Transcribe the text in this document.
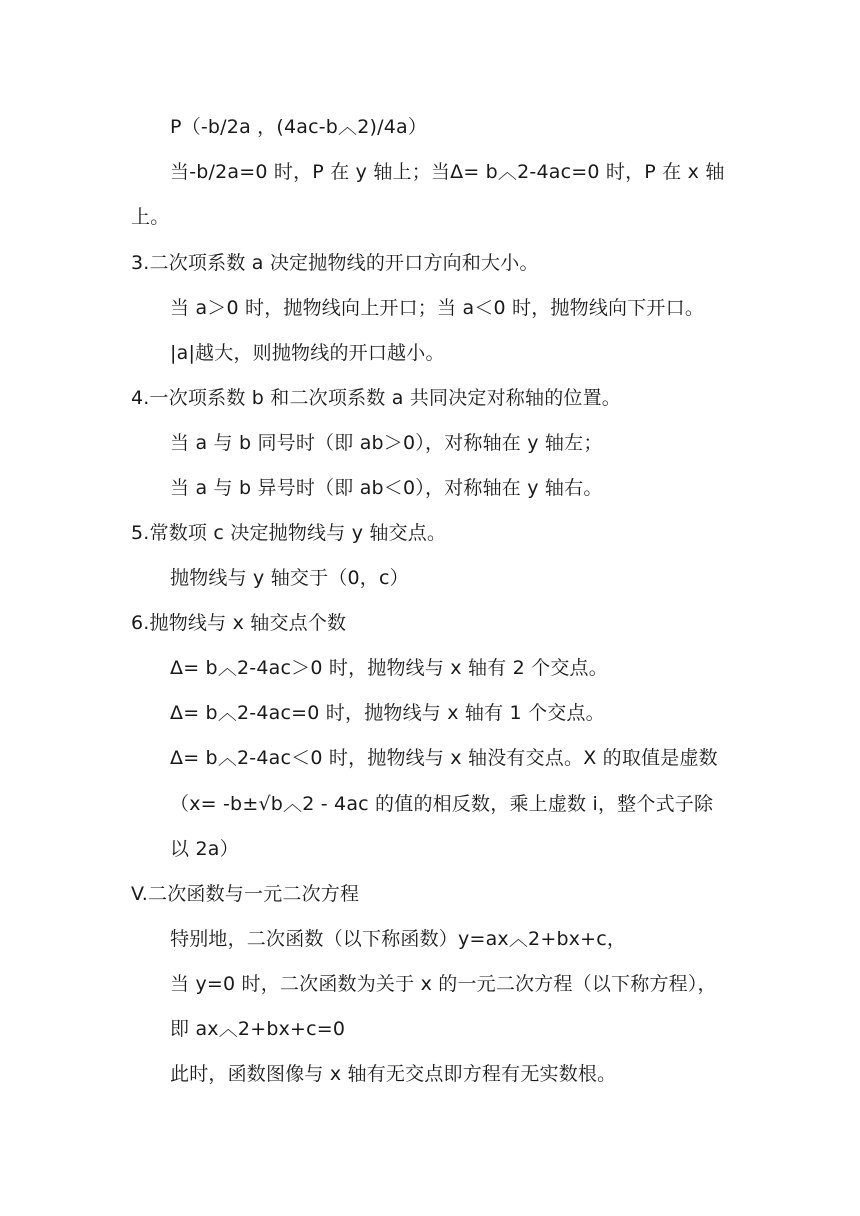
P（-b/2a ，(4ac-b︿2)/4a）
当-b/2a=0 时，P 在 y 轴上；当Δ= b︿2-4ac=0 时，P 在 x 轴
上。
3.二次项系数 a 决定抛物线的开口方向和大小。
当 a＞0 时，抛物线向上开口；当 a＜0 时，抛物线向下开口。
|a|越大，则抛物线的开口越小。
4.一次项系数 b 和二次项系数 a 共同决定对称轴的位置。
当 a 与 b 同号时（即 ab＞0），对称轴在 y 轴左；
当 a 与 b 异号时（即 ab＜0），对称轴在 y 轴右。
5.常数项 c 决定抛物线与 y 轴交点。
抛物线与 y 轴交于（0，c）
6.抛物线与 x 轴交点个数
Δ= b︿2-4ac＞0 时，抛物线与 x 轴有 2 个交点。
Δ= b︿2-4ac=0 时，抛物线与 x 轴有 1 个交点。
Δ= b︿2-4ac＜0 时，抛物线与 x 轴没有交点。X 的取值是虚数
（x= -b±√b︿2 - 4ac 的值的相反数，乘上虚数 i，整个式子除
以 2a）
V.二次函数与一元二次方程
特别地，二次函数（以下称函数）y=ax︿2+bx+c，
当 y=0 时，二次函数为关于 x 的一元二次方程（以下称方程），
即 ax︿2+bx+c=0
此时，函数图像与 x 轴有无交点即方程有无实数根。
